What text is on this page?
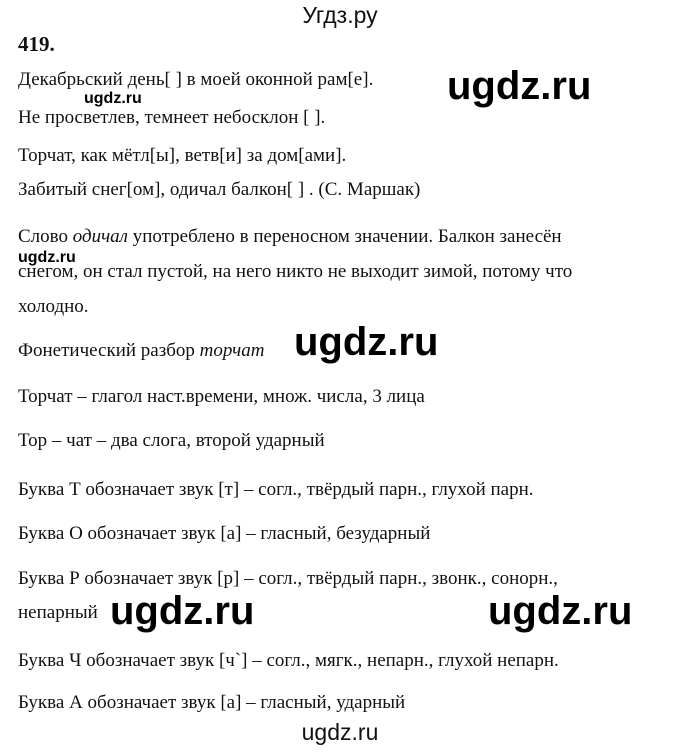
Угдз.ру
419.
Декабрьский день[ ] в моей оконной рам[е].
ugdz.ru	ugdz.ru
Не просветлев, темнеет небосклон [ ].
Торчат, как мётл[ы], ветв[и] за дом[ами].
Забитый снег[ом], одичал балкон[ ] . (С. Маршак)
Слово одичал употреблено в переносном значении. Балкон занесён
ugdz.ru
снегом, он стал пустой, на него никто не выходит зимой, потому что
холодно.
Фонетический разбор торчат ugdz.ru
Торчат – глагол наст.времени, множ. числа, 3 лица
Тор – чат – два слога, второй ударный
Буква Т обозначает звук [т] – согл., твёрдый парн., глухой парн.
Буква О обозначает звук [а] – гласный, безударный
Буква Р обозначает звук [р] – согл., твёрдый парн., звонк., сонорн.,
непарный ugdz.ru	ugdz.ru
Буква Ч обозначает звук [ч`] – согл., мягк., непарн., глухой непарн.
Буква А обозначает звук [а] – гласный, ударный
ugdz.ru
